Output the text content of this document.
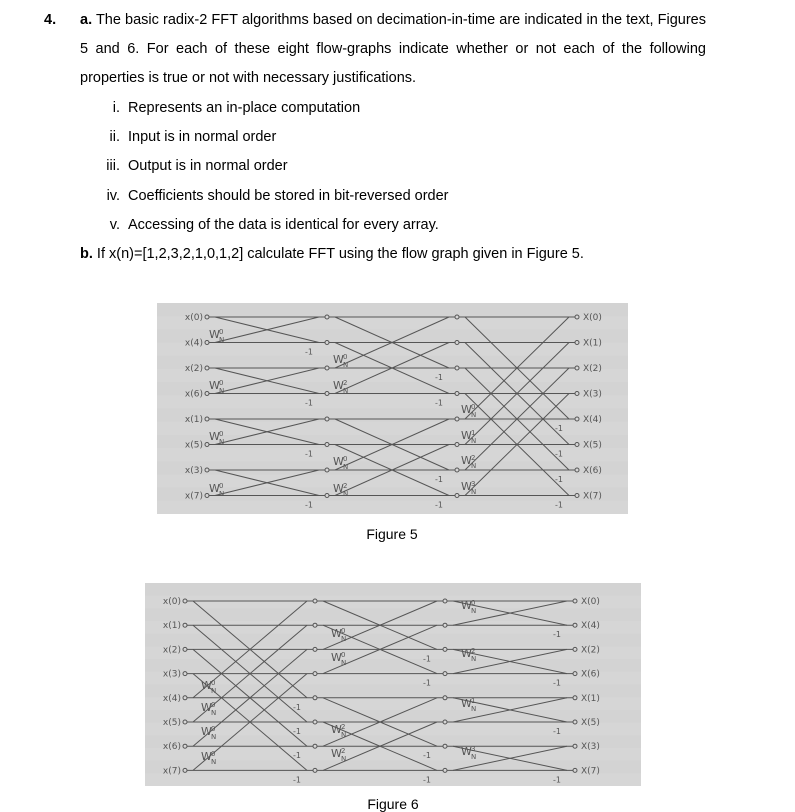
4. a. The basic radix-2 FFT algorithms based on decimation-in-time are indicated in the text, Figures 5 and 6. For each of these eight flow-graphs indicate whether or not each of the following properties is true or not with necessary justifications.
i. Represents an in-place computation
ii. Input is in normal order
iii. Output is in normal order
iv. Coefficients should be stored in bit-reversed order
v. Accessing of the data is identical for every array.
b. If x(n)=[1,2,3,2,1,0,1,2] calculate FFT using the flow graph given in Figure 5.
-1
-1
-1
-1
-1
-1
-1
-1
-1
-1
-1
-1
x(0)
x(4)
x(2)
x(6)
x(1)
x(5)
x(3)
x(7)
X(0)
X(1)
X(2)
X(3)
X(4)
X(5)
X(6)
X(7)
W 0
N
W 0
N
W 0
N
W 0
N
W 0
N
W 2
N
W 0
N
W 2
N
W 0
N
W 1
N
W 2
N
W 3
N
Figure 5
-1
-1
-1
-1
-1
-1
-1
-1
-1
-1
-1
-1
x(0)
x(1)
x(2)
x(3)
x(4)
x(5)
x(6)
x(7)
X(0)
X(4)
X(2)
X(6)
X(1)
X(5)
X(3)
X(7)
W 0
N
W 0
N
W 0
N
W 0
N
W 0
N
W 0
N
W 2
N
W 2
N
W 0
N
W 2
N
W 1
N
W 3
N
Figure 6
